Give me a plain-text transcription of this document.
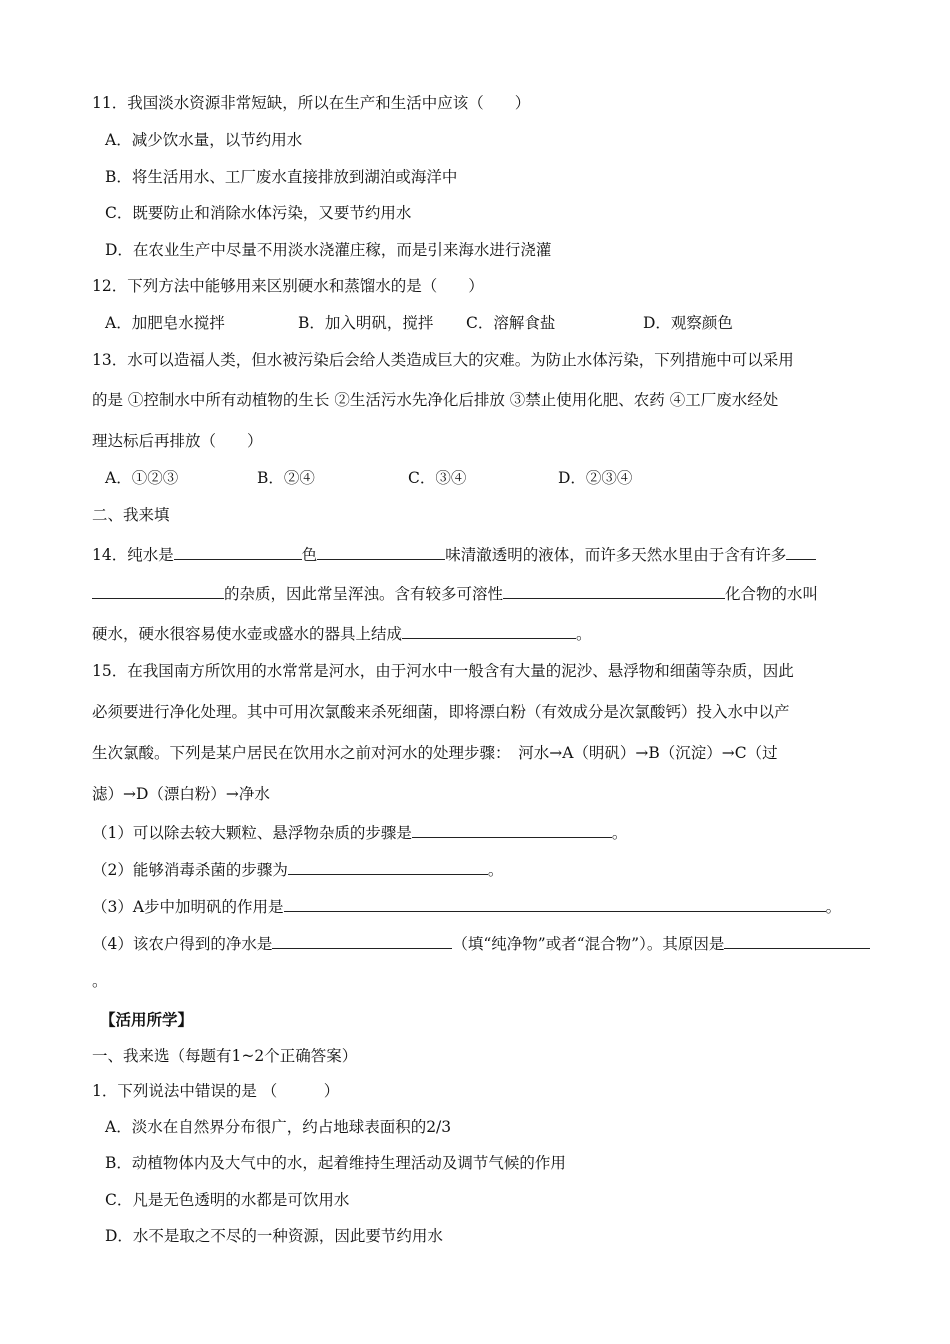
11．我国淡水资源非常短缺，所以在生产和生活中应该（　　）
A．减少饮水量，以节约用水
B．将生活用水、工厂废水直接排放到湖泊或海洋中
C．既要防止和消除水体污染，又要节约用水
D．在农业生产中尽量不用淡水浇灌庄稼，而是引来海水进行浇灌
12．下列方法中能够用来区别硬水和蒸馏水的是（　　）
A．加肥皂水搅拌	B．加入明矾，搅拌 C．溶解食盐	D．观察颜色
13．水可以造福人类，但水被污染后会给人类造成巨大的灾难。为防止水体污染，下列措施中可以采用
的是 ①控制水中所有动植物的生长 ②生活污水先净化后排放 ③禁止使用化肥、农药 ④工厂废水经处
理达标后再排放（　　）
A．①②③	B．②④	C．③④	D．②③④
二、我来填
14．纯水是	色	味清澈透明的液体，而许多天然水里由于含有许多
的杂质，因此常呈浑浊。含有较多可溶性	化合物的水叫
硬水，硬水很容易使水壶或盛水的器具上结成	。
15．在我国南方所饮用的水常常是河水，由于河水中一般含有大量的泥沙、悬浮物和细菌等杂质，因此
必须要进行净化处理。其中可用次氯酸来杀死细菌，即将漂白粉（有效成分是次氯酸钙）投入水中以产
生次氯酸。下列是某户居民在饮用水之前对河水的处理步骤：　河水→A（明矾）→B（沉淀）→C（过
滤）→D（漂白粉）→净水
（1）可以除去较大颗粒、悬浮物杂质的步骤是	。
（2）能够消毒杀菌的步骤为	。
（3）A步中加明矾的作用是	。
（4）该农户得到的净水是	（填“纯净物”或者“混合物”）。其原因是
。
【活用所学】
一、我来选（每题有1~2个正确答案）
1．下列说法中错误的是 （　　　）
A．淡水在自然界分布很广，约占地球表面积的2/3
B．动植物体内及大气中的水，起着维持生理活动及调节气候的作用
C．凡是无色透明的水都是可饮用水
D．水不是取之不尽的一种资源，因此要节约用水
